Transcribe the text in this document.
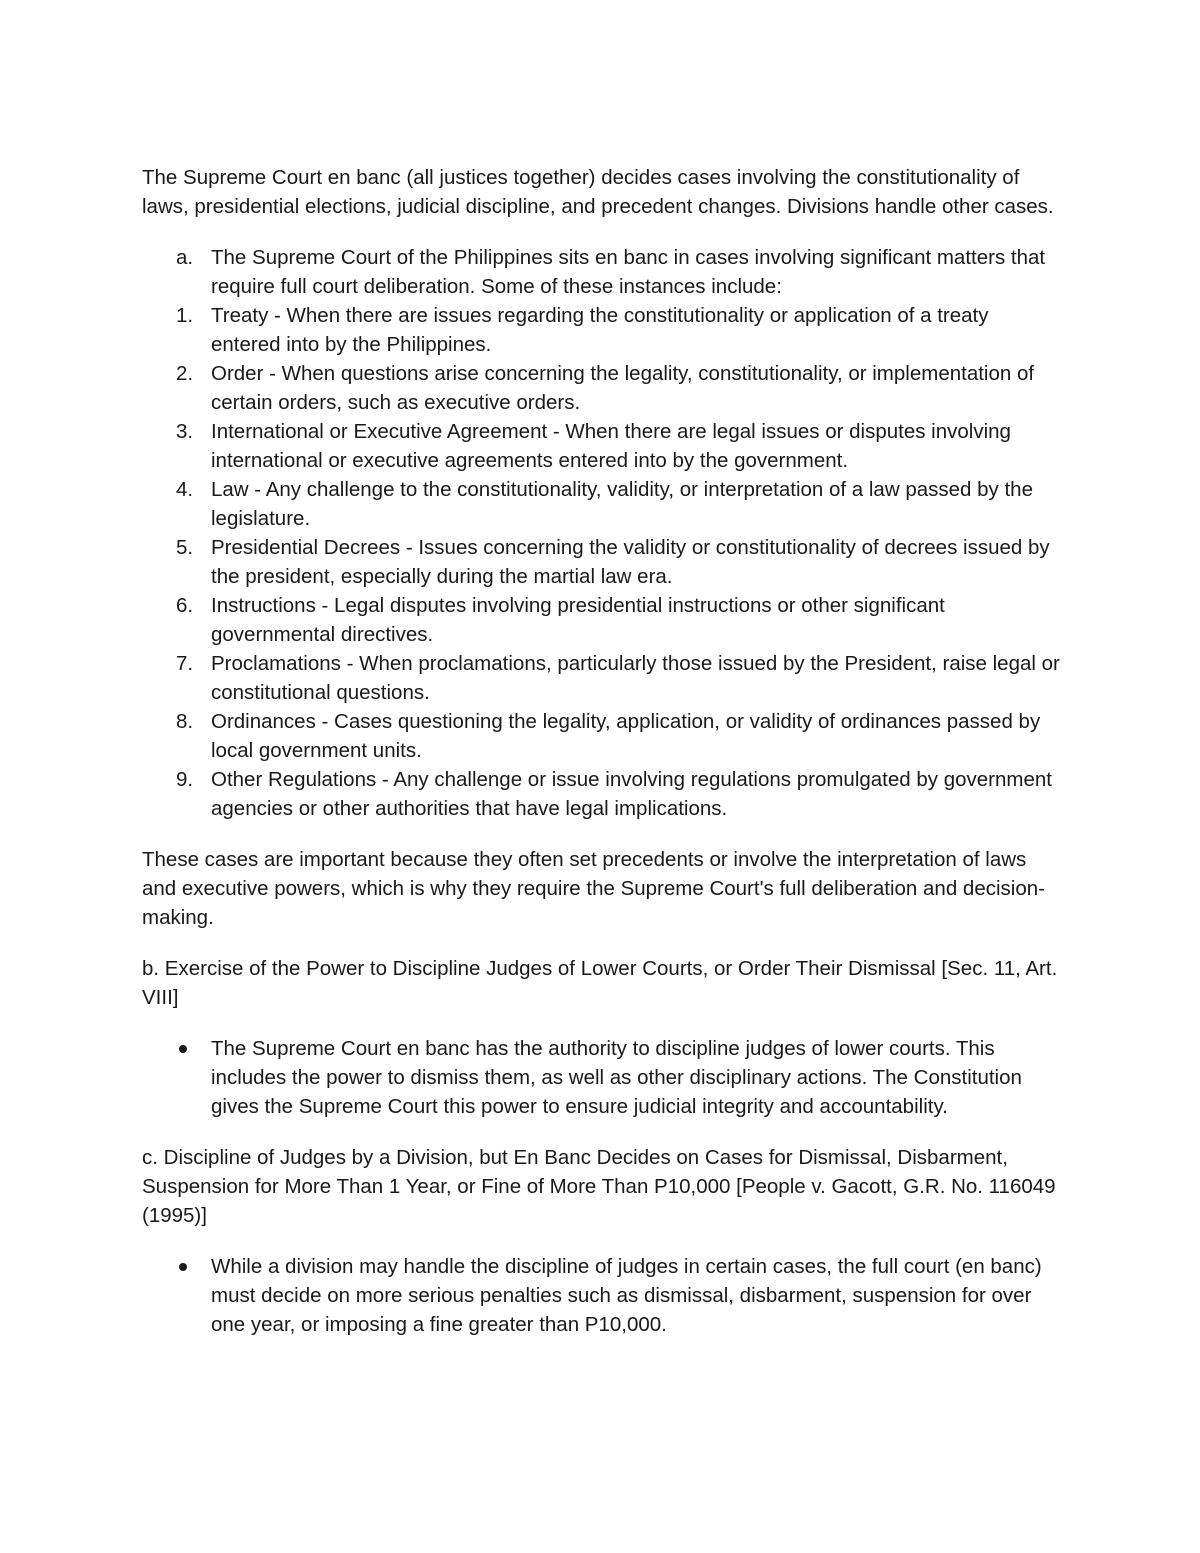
The Supreme Court en banc (all justices together) decides cases involving the constitutionality of laws, presidential elections, judicial discipline, and precedent changes. Divisions handle other cases.

a. The Supreme Court of the Philippines sits en banc in cases involving significant matters that require full court deliberation. Some of these instances include:
1. Treaty - When there are issues regarding the constitutionality or application of a treaty entered into by the Philippines.
2. Order - When questions arise concerning the legality, constitutionality, or implementation of certain orders, such as executive orders.
3. International or Executive Agreement - When there are legal issues or disputes involving international or executive agreements entered into by the government.
4. Law - Any challenge to the constitutionality, validity, or interpretation of a law passed by the legislature.
5. Presidential Decrees - Issues concerning the validity or constitutionality of decrees issued by the president, especially during the martial law era.
6. Instructions - Legal disputes involving presidential instructions or other significant governmental directives.
7. Proclamations - When proclamations, particularly those issued by the President, raise legal or constitutional questions.
8. Ordinances - Cases questioning the legality, application, or validity of ordinances passed by local government units.
9. Other Regulations - Any challenge or issue involving regulations promulgated by government agencies or other authorities that have legal implications.

These cases are important because they often set precedents or involve the interpretation of laws and executive powers, which is why they require the Supreme Court's full deliberation and decision-making.

b. Exercise of the Power to Discipline Judges of Lower Courts, or Order Their Dismissal [Sec. 11, Art. VIII]

The Supreme Court en banc has the authority to discipline judges of lower courts. This includes the power to dismiss them, as well as other disciplinary actions. The Constitution gives the Supreme Court this power to ensure judicial integrity and accountability.

c. Discipline of Judges by a Division, but En Banc Decides on Cases for Dismissal, Disbarment, Suspension for More Than 1 Year, or Fine of More Than P10,000 [People v. Gacott, G.R. No. 116049 (1995)]

While a division may handle the discipline of judges in certain cases, the full court (en banc) must decide on more serious penalties such as dismissal, disbarment, suspension for over one year, or imposing a fine greater than P10,000.
